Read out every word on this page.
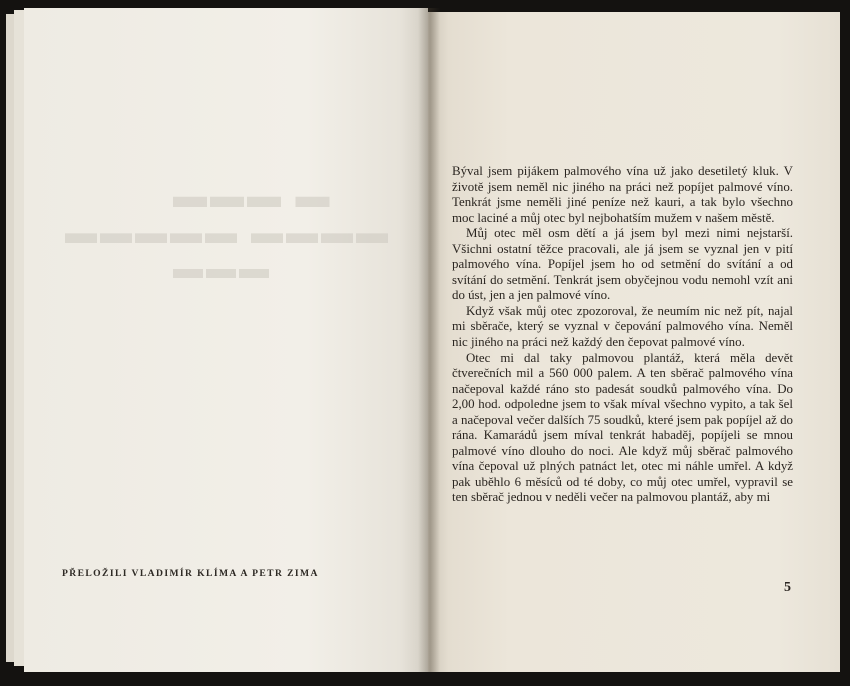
▬ ▬▬▬
▬▬▬▬ ▬▬▬▬▬
▬▬▬
PŘELOŽILI VLADIMÍR KLÍMA A PETR ZIMA

Býval jsem pijákem palmového vína už jako desetiletý kluk. V životě jsem neměl nic jiného na práci než popíjet palmové víno. Tenkrát jsme neměli jiné peníze než kauri, a tak bylo všechno moc laciné a můj otec byl nejbohatším mužem v našem městě.

Můj otec měl osm dětí a já jsem byl mezi nimi nejstarší. Všichni ostatní těžce pracovali, ale já jsem se vyznal jen v pití palmového vína. Popíjel jsem ho od setmění do svítání a od svítání do setmění. Tenkrát jsem obyčejnou vodu nemohl vzít ani do úst, jen a jen palmové víno.

Když však můj otec zpozoroval, že neumím nic než pít, najal mi sběrače, který se vyznal v čepování palmového vína. Neměl nic jiného na práci než každý den čepovat palmové víno.

Otec mi dal taky palmovou plantáž, která měla devět čtverečních mil a 560 000 palem. A ten sběrač palmového vína načepoval každé ráno sto padesát soudků palmového vína. Do 2,00 hod. odpoledne jsem to však míval všechno vypito, a tak šel a načepoval večer dalších 75 soudků, které jsem pak popíjel až do rána. Kamarádů jsem míval tenkrát habaděj, popíjeli se mnou palmové víno dlouho do noci. Ale když můj sběrač palmového vína čepoval už plných patnáct let, otec mi náhle umřel. A když pak uběhlo 6 měsíců od té doby, co můj otec umřel, vypravil se ten sběrač jednou v neděli večer na palmovou plantáž, aby mi

5
